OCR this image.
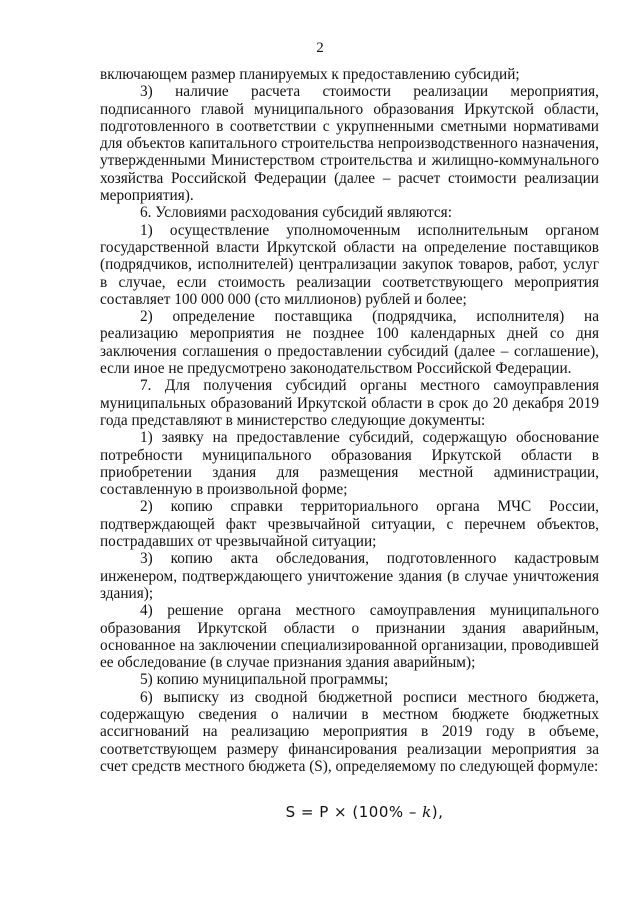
2

включающем размер планируемых к предоставлению субсидий;

3) наличие расчета стоимости реализации мероприятия, подписанного главой муниципального образования Иркутской области, подготовленного в соответствии с укрупненными сметными нормативами для объектов капитального строительства непроизводственного назначения, утвержденными Министерством строительства и жилищно-коммунального хозяйства Российской Федерации (далее – расчет стоимости реализации мероприятия).

6. Условиями расходования субсидий являются:

1) осуществление уполномоченным исполнительным органом государственной власти Иркутской области на определение поставщиков (подрядчиков, исполнителей) централизации закупок товаров, работ, услуг в случае, если стоимость реализации соответствующего мероприятия составляет 100 000 000 (сто миллионов) рублей и более;

2) определение поставщика (подрядчика, исполнителя) на реализацию мероприятия не позднее 100 календарных дней со дня заключения соглашения о предоставлении субсидий (далее – соглашение), если иное не предусмотрено законодательством Российской Федерации.

7. Для получения субсидий органы местного самоуправления муниципальных образований Иркутской области в срок до 20 декабря 2019 года представляют в министерство следующие документы:

1) заявку на предоставление субсидий, содержащую обоснование потребности муниципального образования Иркутской области в приобретении здания для размещения местной администрации, составленную в произвольной форме;

2) копию справки территориального органа МЧС России, подтверждающей факт чрезвычайной ситуации, с перечнем объектов, пострадавших от чрезвычайной ситуации;

3) копию акта обследования, подготовленного кадастровым инженером, подтверждающего уничтожение здания (в случае уничтожения здания);

4) решение органа местного самоуправления муниципального образования Иркутской области о признании здания аварийным, основанное на заключении специализированной организации, проводившей ее обследование (в случае признания здания аварийным);

5) копию муниципальной программы;

6) выписку из сводной бюджетной росписи местного бюджета, содержащую сведения о наличии в местном бюджете бюджетных ассигнований на реализацию мероприятия в 2019 году в объеме, соответствующем размеру финансирования реализации мероприятия за счет средств местного бюджета (S), определяемому по следующей формуле:

S = P × (100% – k),
